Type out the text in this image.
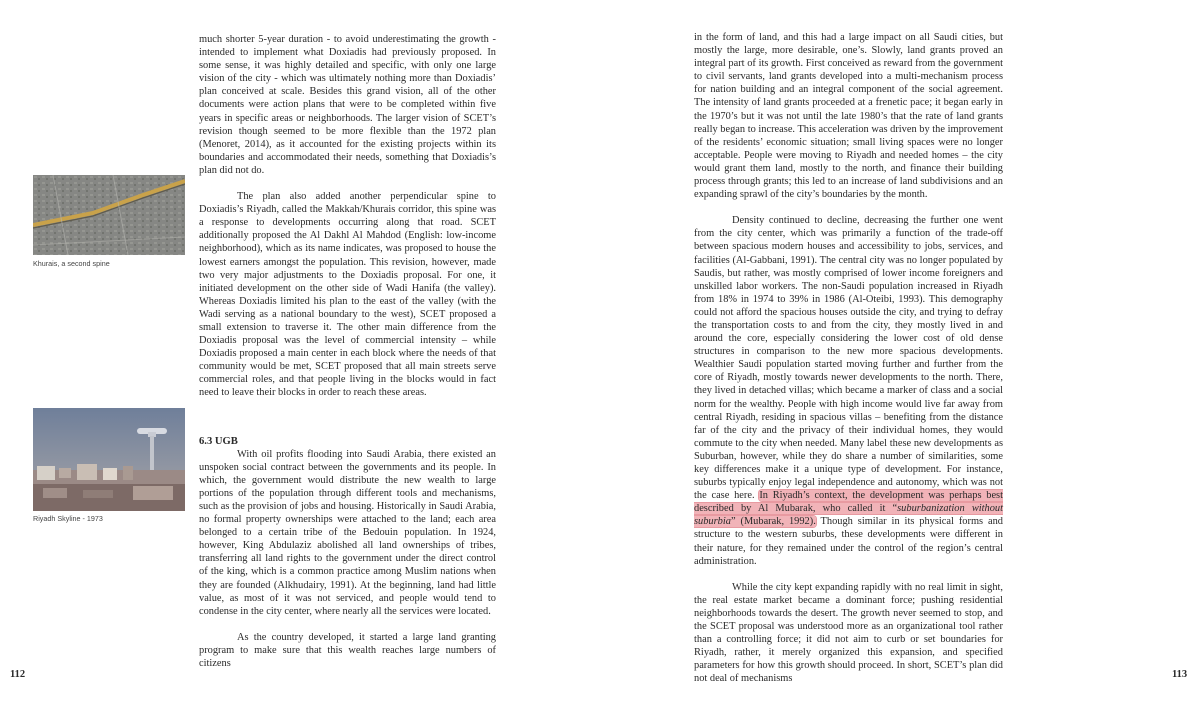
Khurais, a second spine
Riyadh Skyline - 1973

much shorter 5-year duration - to avoid underestimating the growth - intended to implement what Doxiadis had previously proposed. In some sense, it was highly detailed and specific, with only one large vision of the city - which was ultimately nothing more than Doxiadis’ plan conceived at scale. Besides this grand vision, all of the other documents were action plans that were to be completed within five years in specific areas or neighborhoods. The larger vision of SCET’s revision though seemed to be more flexible than the 1972 plan (Menoret, 2014), as it accounted for the existing projects within its boundaries and accommodated their needs, something that Doxiadis’s plan did not do.

The plan also added another perpendicular spine to Doxiadis’s Riyadh, called the Makkah/Khurais corridor, this spine was a response to developments occurring along that road. SCET additionally proposed the Al Dakhl Al Mahdod (English: low-income neighborhood), which as its name indicates, was proposed to house the lowest earners amongst the population. This revision, however, made two very major adjustments to the Doxiadis proposal. For one, it initiated development on the other side of Wadi Hanifa (the valley). Whereas Doxiadis limited his plan to the east of the valley (with the Wadi serving as a national boundary to the west), SCET proposed a small extension to traverse it. The other main difference from the Doxiadis proposal was the level of commercial intensity – while Doxiadis proposed a main center in each block where the needs of that community would be met, SCET proposed that all main streets serve commercial roles, and that people living in the blocks would in fact need to leave their blocks in order to reach these areas.

6.3 UGB

With oil profits flooding into Saudi Arabia, there existed an unspoken social contract between the governments and its people. In which, the government would distribute the new wealth to large portions of the population through different tools and mechanisms, such as the provision of jobs and housing. Historically in Saudi Arabia, no formal property ownerships were attached to the land; each area belonged to a certain tribe of the Bedouin population. In 1924, however, King Abdulaziz abolished all land ownerships of tribes, transferring all land rights to the government under the direct control of the king, which is a common practice among Muslim nations when they are founded (Alkhudairy, 1991). At the beginning, land had little value, as most of it was not serviced, and people would tend to condense in the city center, where nearly all the services were located.

As the country developed, it started a large land granting program to make sure that this wealth reaches large numbers of citizens

112

in the form of land, and this had a large impact on all Saudi cities, but mostly the large, more desirable, one’s. Slowly, land grants proved an integral part of its growth. First conceived as reward from the government to civil servants, land grants developed into a multi-mechanism process for nation building and an integral component of the social agreement. The intensity of land grants proceeded at a frenetic pace; it began early in the 1970’s but it was not until the late 1980’s that the rate of land grants really began to increase. This acceleration was driven by the improvement of the residents’ economic situation; small living spaces were no longer acceptable. People were moving to Riyadh and needed homes – the city would grant them land, mostly to the north, and finance their building process through grants; this led to an increase of land subdivisions and an expanding sprawl of the city’s boundaries by the month.

Density continued to decline, decreasing the further one went from the city center, which was primarily a function of the trade-off between spacious modern houses and accessibility to jobs, services, and facilities (Al-Gabbani, 1991). The central city was no longer populated by Saudis, but rather, was mostly comprised of lower income foreigners and unskilled labor workers. The non-Saudi population increased in Riyadh from 18% in 1974 to 39% in 1986 (Al-Oteibi, 1993). This demography could not afford the spacious houses outside the city, and trying to defray the transportation costs to and from the city, they mostly lived in and around the core, especially considering the lower cost of old dense structures in comparison to the new more spacious developments. Wealthier Saudi population started moving further and further from the core of Riyadh, mostly towards newer developments to the north. There, they lived in detached villas; which became a marker of class and a social norm for the wealthy. People with high income would live far away from central Riyadh, residing in spacious villas – benefiting from the distance far of the city and the privacy of their individual homes, they would commute to the city when needed. Many label these new developments as Suburban, however, while they do share a number of similarities, some key differences make it a unique type of development. For instance, suburbs typically enjoy legal independence and autonomy, which was not the case here. In Riyadh’s context, the development was perhaps best described by Al Mubarak, who called it “suburbanization without suburbia” (Mubarak, 1992). Though similar in its physical forms and structure to the western suburbs, these developments were different in their nature, for they remained under the control of the region’s central administration.

While the city kept expanding rapidly with no real limit in sight, the real estate market became a dominant force; pushing residential neighborhoods towards the desert. The growth never seemed to stop, and the SCET proposal was understood more as an organizational tool rather than a controlling force; it did not aim to curb or set boundaries for Riyadh, rather, it merely organized this expansion, and specified parameters for how this growth should proceed. In short, SCET’s plan did not deal of mechanisms	113
